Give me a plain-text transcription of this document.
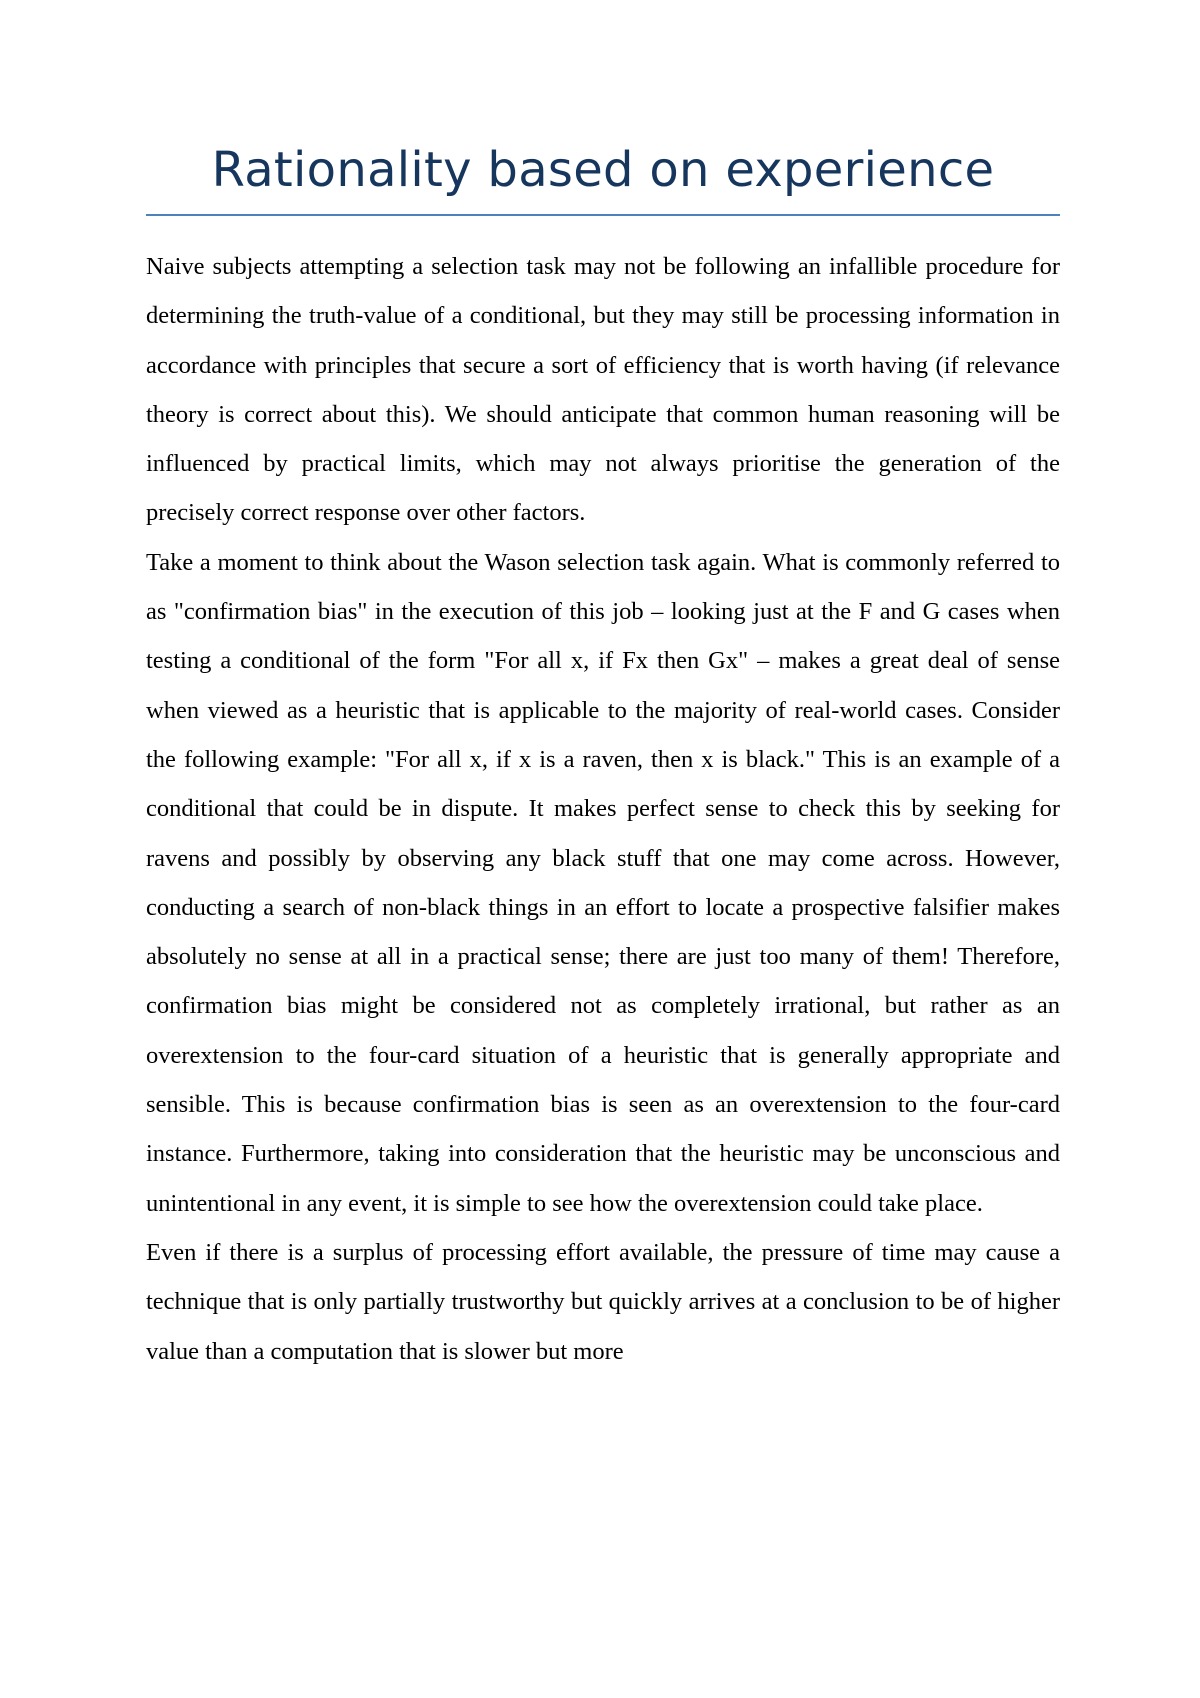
Rationality based on experience

Naive subjects attempting a selection task may not be following an infallible procedure for determining the truth-value of a conditional, but they may still be processing information in accordance with principles that secure a sort of efficiency that is worth having (if relevance theory is correct about this). We should anticipate that common human reasoning will be influenced by practical limits, which may not always prioritise the generation of the precisely correct response over other factors.

Take a moment to think about the Wason selection task again. What is commonly referred to as "confirmation bias" in the execution of this job – looking just at the F and G cases when testing a conditional of the form "For all x, if Fx then Gx" – makes a great deal of sense when viewed as a heuristic that is applicable to the majority of real-world cases. Consider the following example: "For all x, if x is a raven, then x is black." This is an example of a conditional that could be in dispute. It makes perfect sense to check this by seeking for ravens and possibly by observing any black stuff that one may come across. However, conducting a search of non-black things in an effort to locate a prospective falsifier makes absolutely no sense at all in a practical sense; there are just too many of them! Therefore, confirmation bias might be considered not as completely irrational, but rather as an overextension to the four-card situation of a heuristic that is generally appropriate and sensible. This is because confirmation bias is seen as an overextension to the four-card instance. Furthermore, taking into consideration that the heuristic may be unconscious and unintentional in any event, it is simple to see how the overextension could take place.

Even if there is a surplus of processing effort available, the pressure of time may cause a technique that is only partially trustworthy but quickly arrives at a conclusion to be of higher value than a computation that is slower but more
